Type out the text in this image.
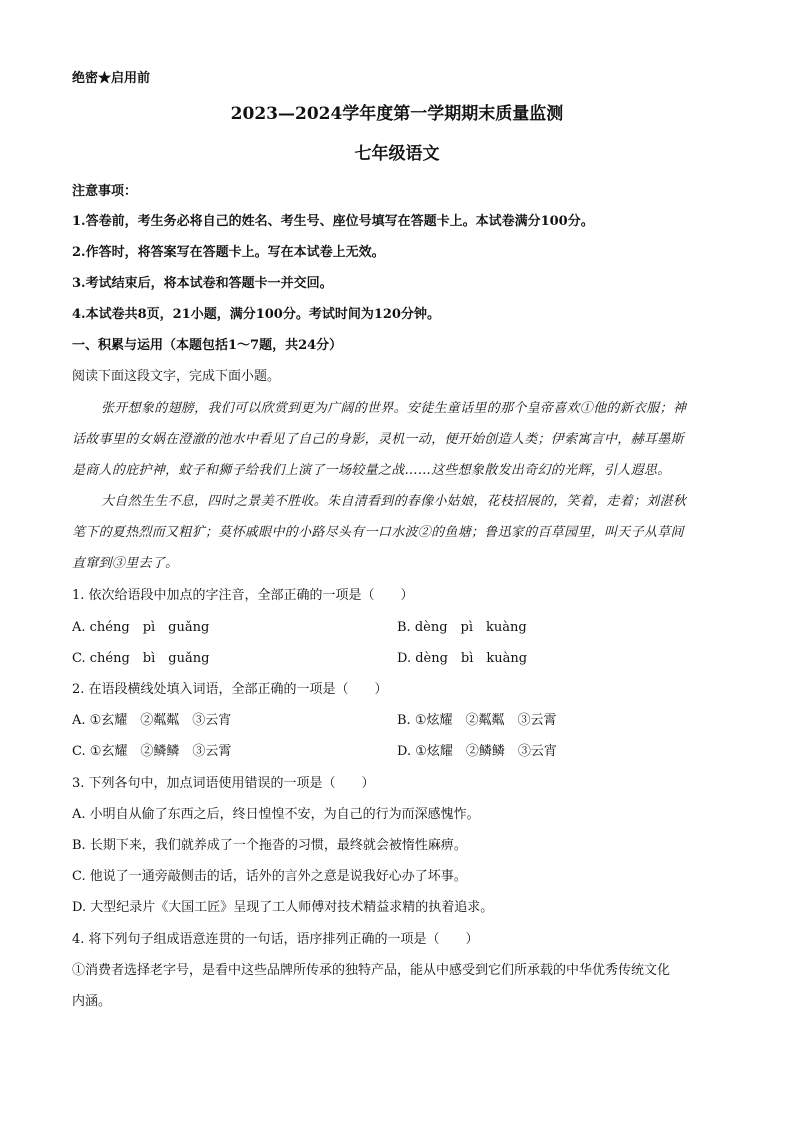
绝密★启用前
2023—2024学年度第一学期期末质量监测
七年级语文
注意事项：
1.答卷前，考生务必将自己的姓名、考生号、座位号填写在答题卡上。本试卷满分100分。
2.作答时，将答案写在答题卡上。写在本试卷上无效。
3.考试结束后，将本试卷和答题卡一并交回。
4.本试卷共8页，21小题，满分100分。考试时间为120分钟。
一、积累与运用（本题包括1～7题，共24分）
阅读下面这段文字，完成下面小题。
张开想象的翅膀，我们可以欣赏到更为广阔的世界。安徒生童话里的那个皇帝喜欢①他的新衣服；神
话故事里的女娲在澄澈的池水中看见了自己的身影，灵机一动，便开始创造人类；伊索寓言中，赫耳墨斯
是商人的庇护神，蚊子和狮子给我们上演了一场较量之战……这些想象散发出奇幻的光辉，引人遐思。
大自然生生不息，四时之景美不胜收。朱自清看到的春像小姑娘，花枝招展的，笑着，走着；刘湛秋
笔下的夏热烈而又粗犷；莫怀戚眼中的小路尽头有一口水波②的鱼塘；鲁迅家的百草园里，叫天子从草间
直窜到③里去了。
1. 依次给语段中加点的字注音，全部正确的一项是（　　）
A. chéng　pì　guǎng	B. dèng　pì　kuàng
C. chéng　bì　guǎng	D. dèng　bì　kuàng
2. 在语段横线处填入词语，全部正确的一项是（　　）
A. ①玄耀　②粼粼　③云宵	B. ①炫耀　②粼粼　③云霄
C. ①玄耀　②鳞鳞　③云霄	D. ①炫耀　②鳞鳞　③云宵
3. 下列各句中，加点词语使用错误的一项是（　　）
A. 小明自从偷了东西之后，终日惶惶不安，为自己的行为而深感愧怍。
B. 长期下来，我们就养成了一个拖沓的习惯，最终就会被惰性麻痹。
C. 他说了一通旁敲侧击的话，话外的言外之意是说我好心办了坏事。
D. 大型纪录片《大国工匠》呈现了工人师傅对技术精益求精的执着追求。
4. 将下列句子组成语意连贯的一句话，语序排列正确的一项是（　　）
①消费者选择老字号，是看中这些品牌所传承的独特产品，能从中感受到它们所承载的中华优秀传统文化
内涵。
